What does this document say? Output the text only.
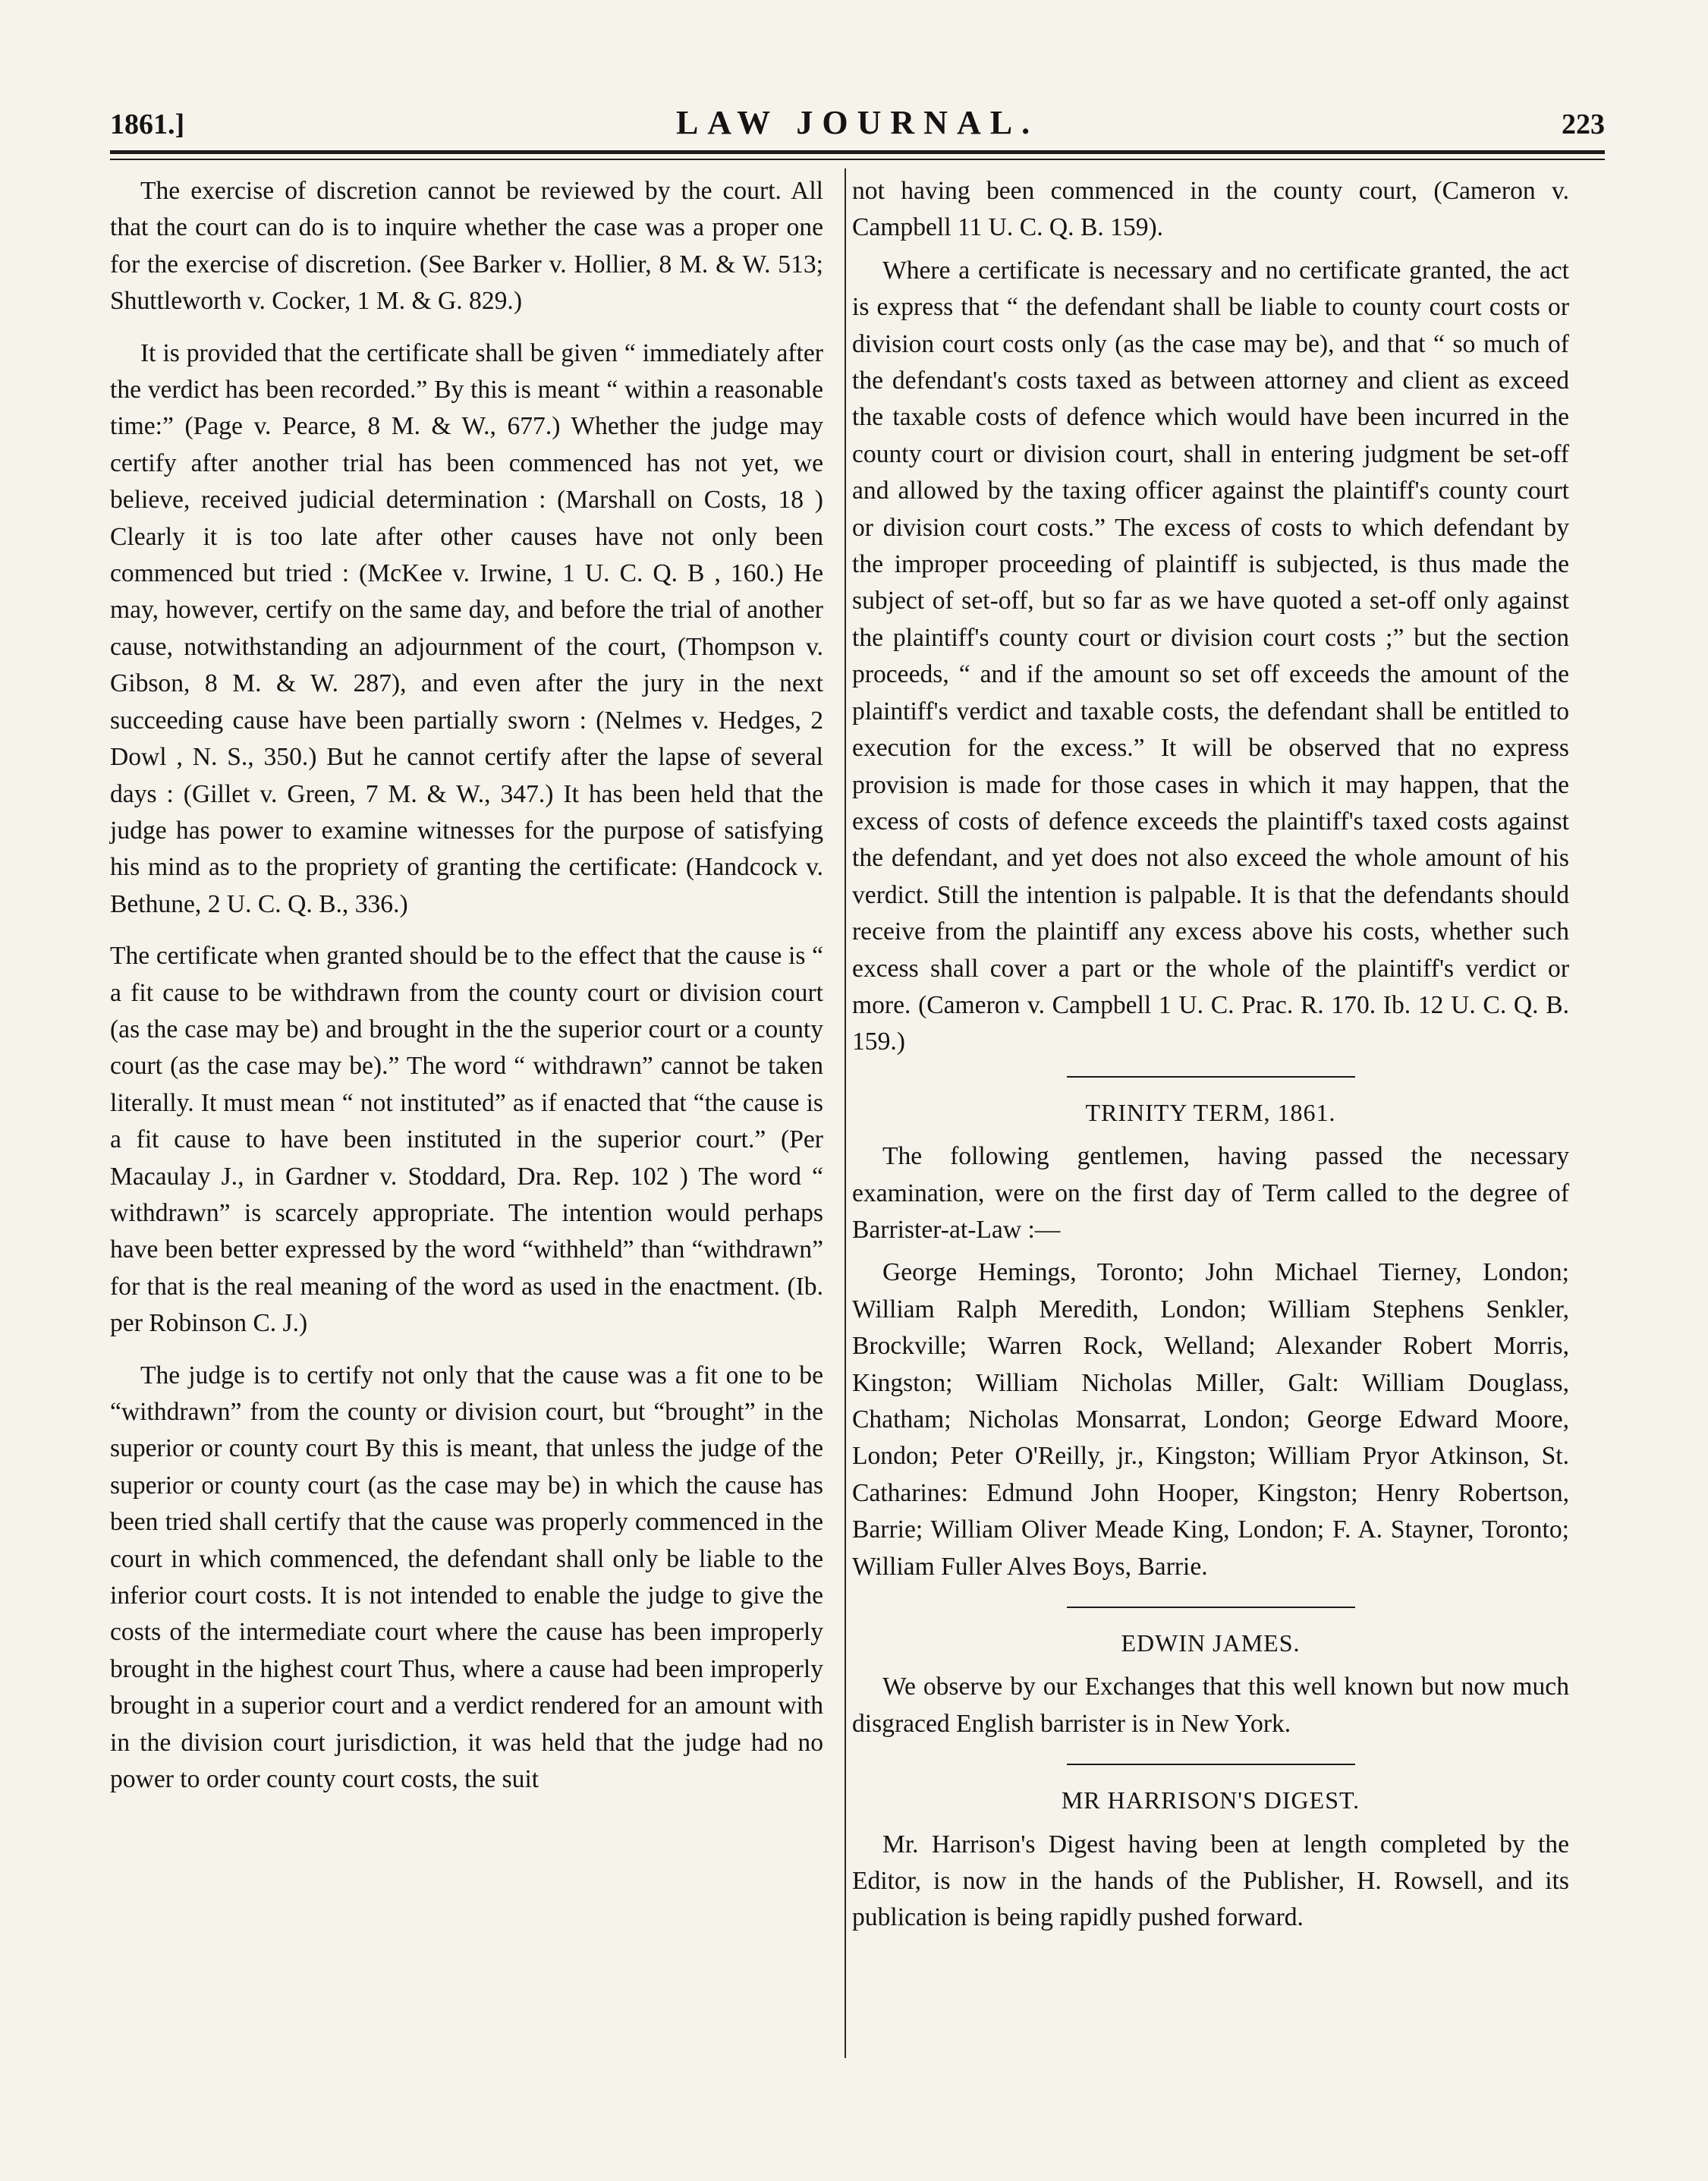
1861.]	LAW JOURNAL.	223

The exercise of discretion cannot be reviewed by the court. All that the court can do is to inquire whether the case was a proper one for the exercise of discretion. (See Barker v. Hollier, 8 M. & W. 513; Shuttleworth v. Cocker, 1 M. & G. 829.)

It is provided that the certificate shall be given “ immediately after the verdict has been recorded.” By this is meant “ within a reasonable time:” (Page v. Pearce, 8 M. & W., 677.) Whether the judge may certify after another trial has been commenced has not yet, we believe, received judicial determination : (Marshall on Costs, 18 ) Clearly it is too late after other causes have not only been commenced but tried : (McKee v. Irwine, 1 U. C. Q. B , 160.) He may, however, certify on the same day, and before the trial of another cause, notwithstanding an adjournment of the court, (Thompson v. Gibson, 8 M. & W. 287), and even after the jury in the next succeeding cause have been partially sworn : (Nelmes v. Hedges, 2 Dowl , N. S., 350.) But he cannot certify after the lapse of several days : (Gillet v. Green, 7 M. & W., 347.) It has been held that the judge has power to examine witnesses for the purpose of satisfying his mind as to the propriety of granting the certificate: (Handcock v. Bethune, 2 U. C. Q. B., 336.)

The certificate when granted should be to the effect that the cause is “ a fit cause to be withdrawn from the county court or division court (as the case may be) and brought in the the superior court or a county court (as the case may be).” The word “ withdrawn” cannot be taken literally. It must mean “ not instituted” as if enacted that “the cause is a fit cause to have been instituted in the superior court.” (Per Macaulay J., in Gardner v. Stoddard, Dra. Rep. 102 ) The word “ withdrawn” is scarcely appropriate. The intention would perhaps have been better expressed by the word “withheld” than “withdrawn” for that is the real meaning of the word as used in the enactment. (Ib. per Robinson C. J.)

The judge is to certify not only that the cause was a fit one to be “withdrawn” from the county or division court, but “brought” in the superior or county court By this is meant, that unless the judge of the superior or county court (as the case may be) in which the cause has been tried shall certify that the cause was properly commenced in the court in which commenced, the defendant shall only be liable to the inferior court costs. It is not intended to enable the judge to give the costs of the intermediate court where the cause has been improperly brought in the highest court Thus, where a cause had been improperly brought in a superior court and a verdict rendered for an amount with in the division court jurisdiction, it was held that the judge had no power to order county court costs, the suit

not having been commenced in the county court, (Cameron v. Campbell 11 U. C. Q. B. 159).

Where a certificate is necessary and no certificate granted, the act is express that “ the defendant shall be liable to county court costs or division court costs only (as the case may be), and that “ so much of the defendant's costs taxed as between attorney and client as exceed the taxable costs of defence which would have been incurred in the county court or division court, shall in entering judgment be set-off and allowed by the taxing officer against the plaintiff's county court or division court costs.” The excess of costs to which defendant by the improper proceeding of plaintiff is subjected, is thus made the subject of set-off, but so far as we have quoted a set-off only against the plaintiff's county court or division court costs ;” but the section proceeds, “ and if the amount so set off exceeds the amount of the plaintiff's verdict and taxable costs, the defendant shall be entitled to execution for the excess.” It will be observed that no express provision is made for those cases in which it may happen, that the excess of costs of defence exceeds the plaintiff's taxed costs against the defendant, and yet does not also exceed the whole amount of his verdict. Still the intention is palpable. It is that the defendants should receive from the plaintiff any excess above his costs, whether such excess shall cover a part or the whole of the plaintiff's verdict or more. (Cameron v. Campbell 1 U. C. Prac. R. 170. Ib. 12 U. C. Q. B. 159.)

TRINITY TERM, 1861.

The following gentlemen, having passed the necessary examination, were on the first day of Term called to the degree of Barrister-at-Law :—

George Hemings, Toronto; John Michael Tierney, London; William Ralph Meredith, London; William Stephens Senkler, Brockville; Warren Rock, Welland; Alexander Robert Morris, Kingston; William Nicholas Miller, Galt: William Douglass, Chatham; Nicholas Monsarrat, London; George Edward Moore, London; Peter O'Reilly, jr., Kingston; William Pryor Atkinson, St. Catharines: Edmund John Hooper, Kingston; Henry Robertson, Barrie; William Oliver Meade King, London; F. A. Stayner, Toronto; William Fuller Alves Boys, Barrie.

EDWIN JAMES.

We observe by our Exchanges that this well known but now much disgraced English barrister is in New York.

MR HARRISON'S DIGEST.

Mr. Harrison's Digest having been at length completed by the Editor, is now in the hands of the Publisher, H. Rowsell, and its publication is being rapidly pushed forward.
